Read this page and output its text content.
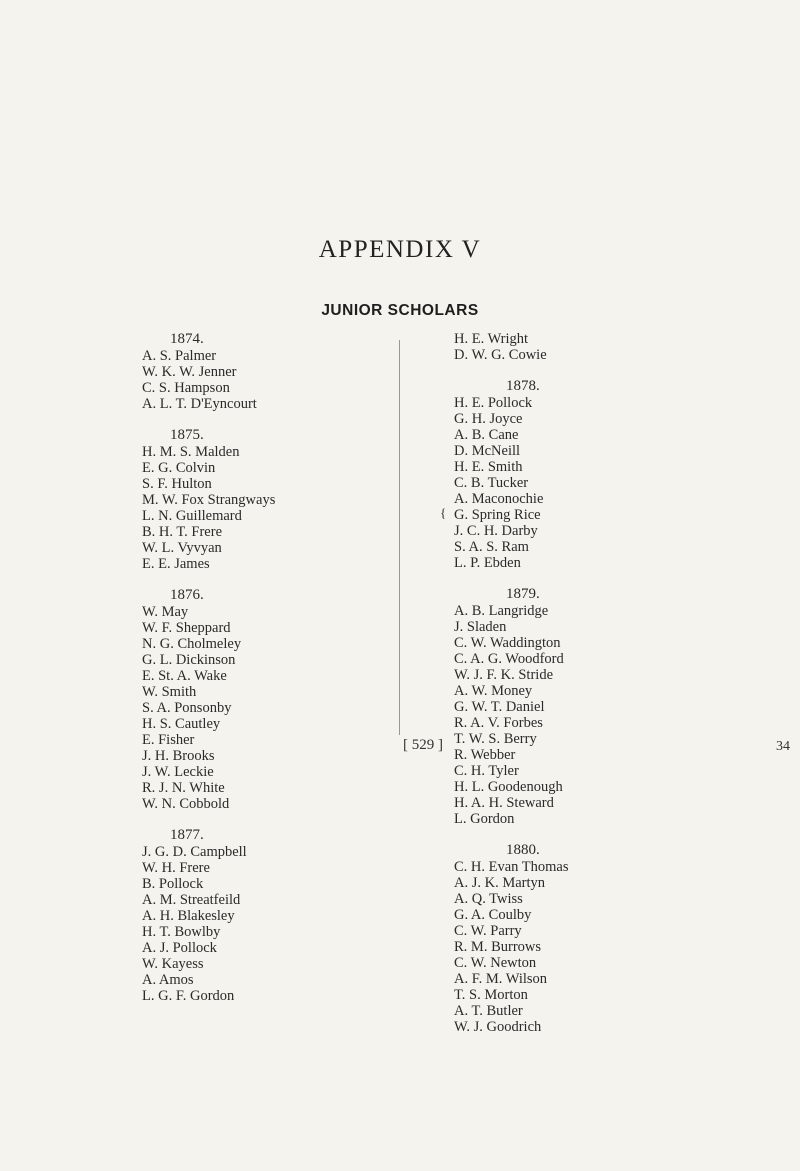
APPENDIX V
JUNIOR SCHOLARS
1874.
A. S. Palmer
W. K. W. Jenner
C. S. Hampson
A. L. T. D'Eyncourt
1875.
H. M. S. Malden
E. G. Colvin
S. F. Hulton
M. W. Fox Strangways
L. N. Guillemard
B. H. T. Frere
W. L. Vyvyan
E. E. James
1876.
W. May
W. F. Sheppard
N. G. Cholmeley
G. L. Dickinson
E. St. A. Wake
W. Smith
S. A. Ponsonby
H. S. Cautley
E. Fisher
J. H. Brooks
J. W. Leckie
R. J. N. White
W. N. Cobbold
1877.
J. G. D. Campbell
W. H. Frere
B. Pollock
A. M. Streatfeild
A. H. Blakesley
H. T. Bowlby
A. J. Pollock
W. Kayess
A. Amos
L. G. F. Gordon
{
H. E. Wright
D. W. G. Cowie
1878.
H. E. Pollock
G. H. Joyce
A. B. Cane
D. McNeill
H. E. Smith
C. B. Tucker
A. Maconochie
G. Spring Rice
J. C. H. Darby
S. A. S. Ram
L. P. Ebden
1879.
A. B. Langridge
J. Sladen
C. W. Waddington
C. A. G. Woodford
W. J. F. K. Stride
A. W. Money
G. W. T. Daniel
R. A. V. Forbes
T. W. S. Berry
R. Webber
C. H. Tyler
H. L. Goodenough
H. A. H. Steward
L. Gordon
1880.
C. H. Evan Thomas
A. J. K. Martyn
A. Q. Twiss
G. A. Coulby
C. W. Parry
R. M. Burrows
C. W. Newton
A. F. M. Wilson
T. S. Morton
A. T. Butler
W. J. Goodrich
[ 529 ]	34
